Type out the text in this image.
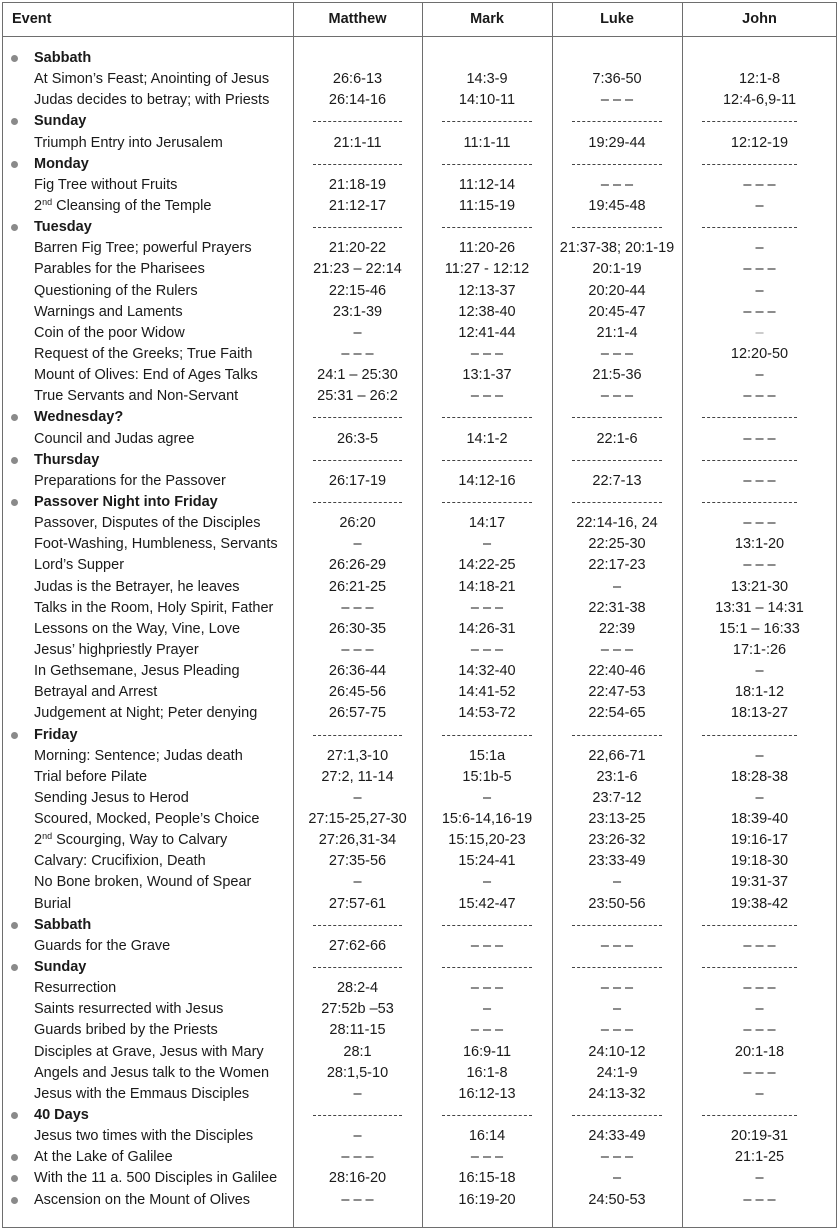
Event	Matthew	Mark	Luke	John
Sabbath
At Simon’s Feast; Anointing of Jesus	26:6-13	14:3-9	7:36-50	12:1-8
Judas decides to betray; with Priests	26:14-16	14:10-11	– – –	12:4-6,9-11
Sunday
Triumph Entry into Jerusalem	21:1-11	11:1-11	19:29-44	12:12-19
Monday
Fig Tree without Fruits	21:18-19	11:12-14	– – –	– – –
2nd Cleansing of the Temple	21:12-17	11:15-19	19:45-48	–
Tuesday
Barren Fig Tree; powerful Prayers	21:20-22	11:20-26	21:37-38; 20:1-19	–
Parables for the Pharisees	21:23 – 22:14	11:27 - 12:12	20:1-19	– – –
Questioning of the Rulers	22:15-46	12:13-37	20:20-44	–
Warnings and Laments	23:1-39	12:38-40	20:45-47	– – –
Coin of the poor Widow	–	12:41-44	21:1-4	–
Request of the Greeks; True Faith	– – –	– – –	– – –	12:20-50
Mount of Olives: End of Ages Talks	24:1 – 25:30	13:1-37	21:5-36	–
True Servants and Non-Servant	25:31 – 26:2	– – –	– – –	– – –
Wednesday?
Council and Judas agree	26:3-5	14:1-2	22:1-6	– – –
Thursday
Preparations for the Passover	26:17-19	14:12-16	22:7-13	– – –
Passover Night into Friday
Passover, Disputes of the Disciples	26:20	14:17	22:14-16, 24	– – –
Foot-Washing, Humbleness, Servants	–	–	22:25-30	13:1-20
Lord’s Supper	26:26-29	14:22-25	22:17-23	– – –
Judas is the Betrayer, he leaves	26:21-25	14:18-21	–	13:21-30
Talks in the Room, Holy Spirit, Father	– – –	– – –	22:31-38	13:31 – 14:31
Lessons on the Way, Vine, Love	26:30-35	14:26-31	22:39	15:1 – 16:33
Jesus’ highpriestly Prayer	– – –	– – –	– – –	17:1-:26
In Gethsemane, Jesus Pleading	26:36-44	14:32-40	22:40-46	–
Betrayal and Arrest	26:45-56	14:41-52	22:47-53	18:1-12
Judgement at Night; Peter denying	26:57-75	14:53-72	22:54-65	18:13-27
Friday
Morning: Sentence; Judas death	27:1,3-10	15:1a	22,66-71	–
Trial before Pilate	27:2, 11-14	15:1b-5	23:1-6	18:28-38
Sending Jesus to Herod	–	–	23:7-12	–
Scoured, Mocked, People’s Choice	27:15-25,27-30	15:6-14,16-19	23:13-25	18:39-40
2nd Scourging, Way to Calvary	27:26,31-34	15:15,20-23	23:26-32	19:16-17
Calvary: Crucifixion, Death	27:35-56	15:24-41	23:33-49	19:18-30
No Bone broken, Wound of Spear	–	–	–	19:31-37
Burial	27:57-61	15:42-47	23:50-56	19:38-42
Sabbath
Guards for the Grave	27:62-66	– – –	– – –	– – –
Sunday
Resurrection	28:2-4	– – –	– – –	– – –
Saints resurrected with Jesus	27:52b –53	–	–	–
Guards bribed by the Priests	28:11-15	– – –	– – –	– – –
Disciples at Grave, Jesus with Mary	28:1	16:9-11	24:10-12	20:1-18
Angels and Jesus talk to the Women	28:1,5-10	16:1-8	24:1-9	– – –
Jesus with the Emmaus Disciples	–	16:12-13	24:13-32	–
40 Days
Jesus two times with the Disciples	–	16:14	24:33-49	20:19-31
At the Lake of Galilee	– – –	– – –	– – –	21:1-25
With the 11 a. 500 Disciples in Galilee	28:16-20	16:15-18	–	–
Ascension on the Mount of Olives	– – –	16:19-20	24:50-53	– – –
